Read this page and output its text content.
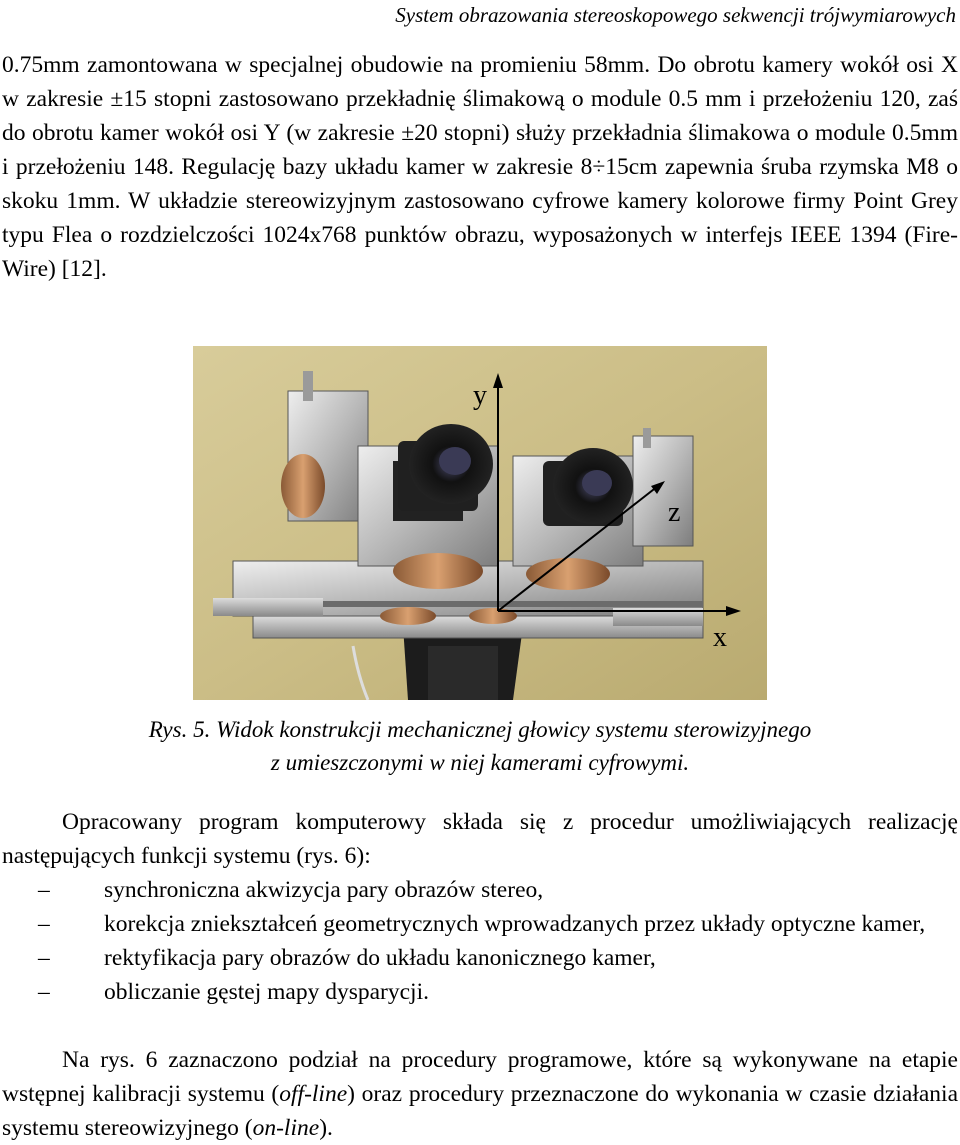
System obrazowania stereoskopowego sekwencji trójwymiarowych
0.75mm zamontowana w specjalnej obudowie na promieniu 58mm. Do obrotu kamery wokół osi X w zakresie ±15 stopni zastosowano przekładnię ślimakową o module 0.5 mm i przełożeniu 120, zaś do obrotu kamer wokół osi Y (w zakresie ±20 stopni) służy przekładnia ślimakowa o module 0.5mm i przełożeniu 148. Regulację bazy układu kamer w zakresie 8÷15cm zapewnia śruba rzymska M8 o skoku 1mm. W układzie stereowizyjnym zastosowano cyfrowe kamery kolorowe firmy Point Grey typu Flea o rozdzielczości 1024x768 punktów obrazu, wyposażonych w interfejs IEEE 1394 (Fire-Wire) [12].
y
z
x
Rys. 5. Widok konstrukcji mechanicznej głowicy systemu sterowizyjnego
z umieszczonymi w niej kamerami cyfrowymi.
Opracowany program komputerowy składa się z procedur umożliwiających realizację następujących funkcji systemu (rys. 6):
– synchroniczna akwizycja pary obrazów stereo,
– korekcja zniekształceń geometrycznych wprowadzanych przez układy optyczne kamer,
– rektyfikacja pary obrazów do układu kanonicznego kamer,
– obliczanie gęstej mapy dysparycji.
Na rys. 6 zaznaczono podział na procedury programowe, które są wykonywane na etapie wstępnej kalibracji systemu (off-line) oraz procedury przeznaczone do wykonania w czasie działania systemu stereowizyjnego (on-line).
